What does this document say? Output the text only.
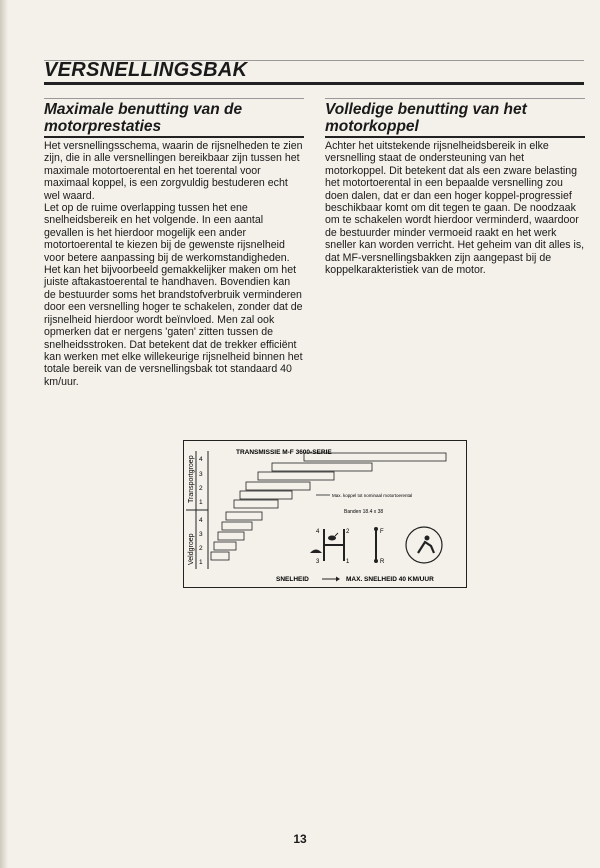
VERSNELLINGSBAK
Maximale benutting van de
motorprestaties

Het versnellingsschema, waarin de rijsnelheden te zien zijn, die in alle versnellingen bereikbaar zijn tussen het maximale motortoerental en het toerental voor maximaal koppel, is een zorgvuldig bestuderen echt wel waard.

Let op de ruime overlapping tussen het ene snelheidsbereik en het volgende. In een aantal gevallen is het hierdoor mogelijk een ander motortoerental te kiezen bij de gewenste rijsnelheid voor betere aanpassing bij de werkomstandigheden.

Het kan het bijvoorbeeld gemakkelijker maken om het juiste aftakastoerental te handhaven. Bovendien kan de bestuurder soms het brandstofverbruik verminderen door een versnelling hoger te schakelen, zonder dat de rijsnelheid hierdoor wordt beïnvloed. Men zal ook opmerken dat er nergens 'gaten' zitten tussen de snelheidsstroken. Dat betekent dat de trekker efficiënt kan werken met elke willekeurige rijsnelheid binnen het totale bereik van de versnellingsbak tot standaard 40 km/uur.

Volledige benutting van het
motorkoppel

Achter het uitstekende rijsnelheidsbereik in elke versnelling staat de ondersteuning van het motorkoppel. Dit betekent dat als een zware belasting het motortoerental in een bepaalde versnelling zou doen dalen, dat er dan een hoger koppel-progressief beschikbaar komt om dit tegen te gaan. De noodzaak om te schakelen wordt hierdoor verminderd, waardoor de bestuurder minder vermoeid raakt en het werk sneller kan worden verricht. Het geheim van dit alles is, dat MF-versnellingsbakken zijn aangepast bij de koppelkarakteristiek van de motor.

Transportgroep
Veldgroep
4
3
2
1
4
3
2
1
TRANSMISSIE M-F 3600-SERIE
Max. koppel tot nominaal motortoerental
Banden 18.4 x 38
4	2
3	1
F
R
SNELHEID	MAX. SNELHEID 40 KM/UUR
13
